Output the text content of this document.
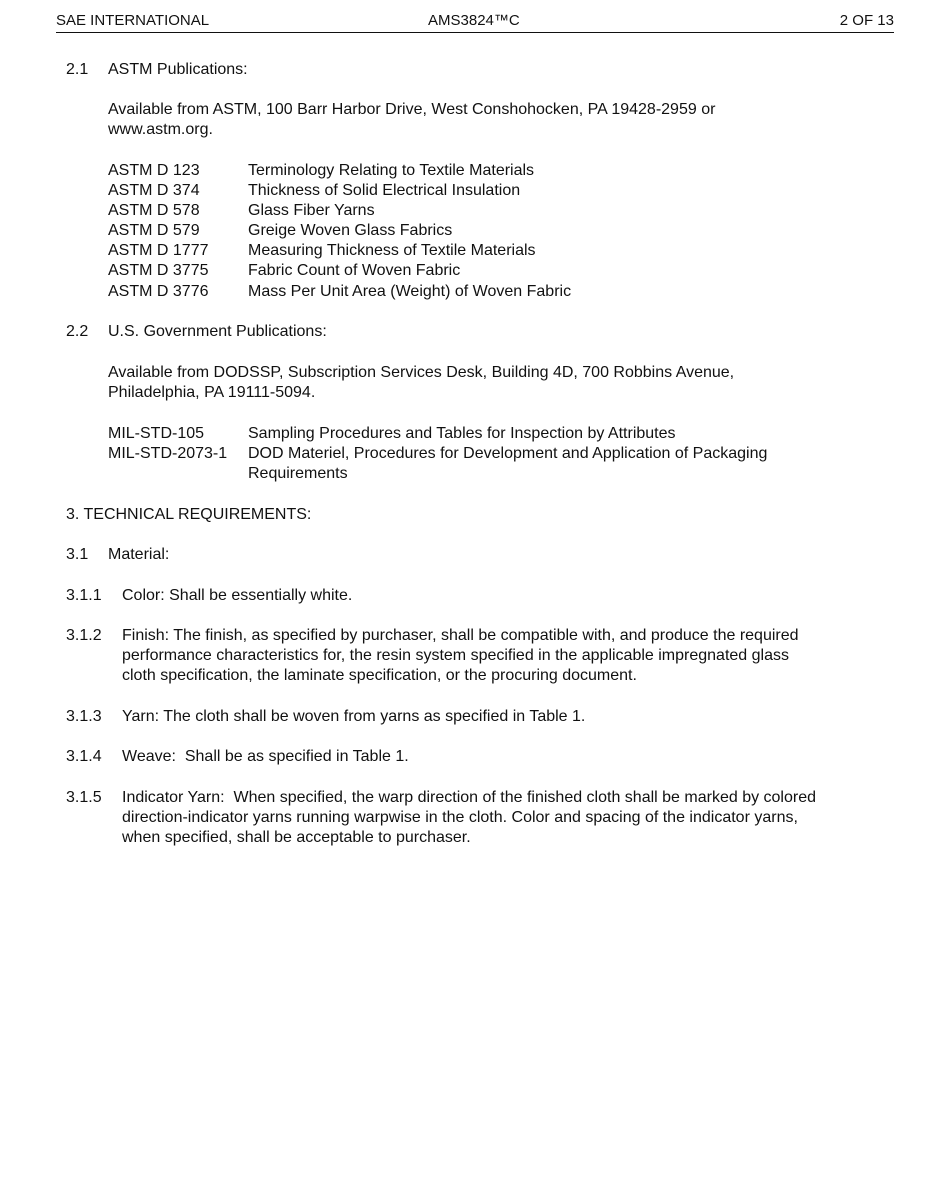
SAE INTERNATIONAL	AMS3824™C	2 OF 13
2.1 ASTM Publications:
Available from ASTM, 100 Barr Harbor Drive, West Conshohocken, PA 19428-2959 or
www.astm.org.
ASTM D 123	Terminology Relating to Textile Materials
ASTM D 374	Thickness of Solid Electrical Insulation
ASTM D 578	Glass Fiber Yarns
ASTM D 579	Greige Woven Glass Fabrics
ASTM D 1777 Measuring Thickness of Textile Materials
ASTM D 3775 Fabric Count of Woven Fabric
ASTM D 3776 Mass Per Unit Area (Weight) of Woven Fabric
2.2 U.S. Government Publications:
Available from DODSSP, Subscription Services Desk, Building 4D, 700 Robbins Avenue,
Philadelphia, PA 19111-5094.
MIL-STD-105	Sampling Procedures and Tables for Inspection by Attributes
MIL-STD-2073-1 DOD Materiel, Procedures for Development and Application of Packaging
Requirements
3. TECHNICAL REQUIREMENTS:
3.1 Material:
3.1.1 Color: Shall be essentially white.
3.1.2 Finish: The finish, as specified by purchaser, shall be compatible with, and produce the required
performance characteristics for, the resin system specified in the applicable impregnated glass
cloth specification, the laminate specification, or the procuring document.
3.1.3 Yarn: The cloth shall be woven from yarns as specified in Table 1.
3.1.4 Weave:  Shall be as specified in Table 1.
3.1.5 Indicator Yarn:  When specified, the warp direction of the finished cloth shall be marked by colored
direction-indicator yarns running warpwise in the cloth. Color and spacing of the indicator yarns,
when specified, shall be acceptable to purchaser.
